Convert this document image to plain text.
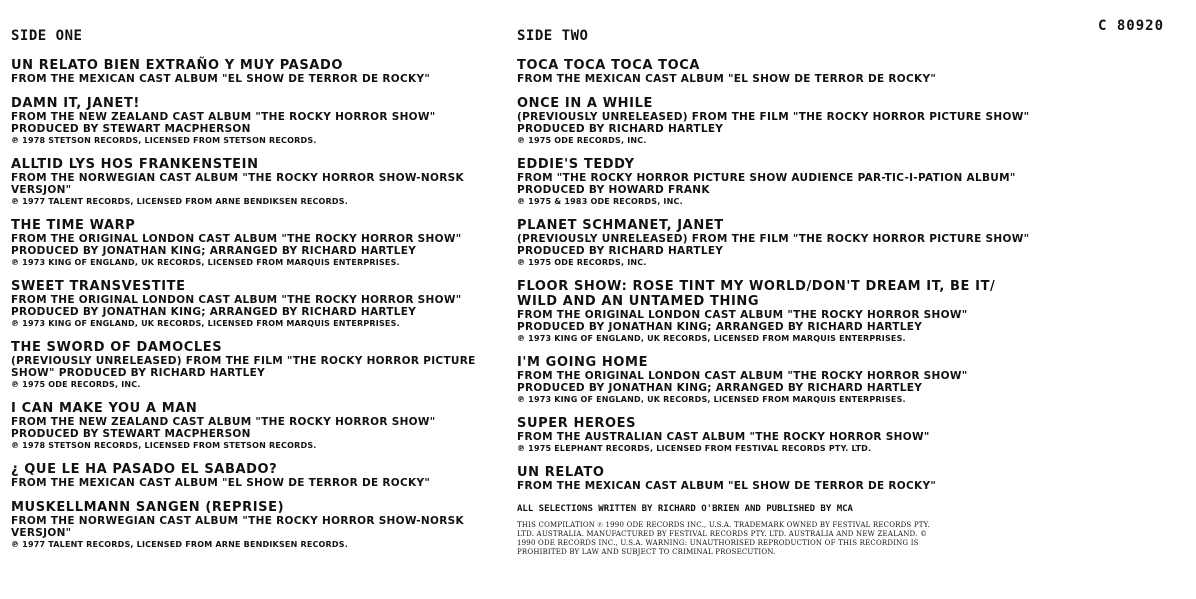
C 80920
SIDE ONE
UN RELATO BIEN EXTRAÑO Y MUY PASADO
FROM THE MEXICAN CAST ALBUM "EL SHOW DE TERROR DE ROCKY"
DAMN IT, JANET!
FROM THE NEW ZEALAND CAST ALBUM "THE ROCKY HORROR SHOW"
PRODUCED BY STEWART MACPHERSON
℗ 1978 STETSON RECORDS, LICENSED FROM STETSON RECORDS.
ALLTID LYS HOS FRANKENSTEIN
FROM THE NORWEGIAN CAST ALBUM "THE ROCKY HORROR SHOW-NORSK VERSJON"
℗ 1977 TALENT RECORDS, LICENSED FROM ARNE BENDIKSEN RECORDS.
THE TIME WARP
FROM THE ORIGINAL LONDON CAST ALBUM "THE ROCKY HORROR SHOW"
PRODUCED BY JONATHAN KING; ARRANGED BY RICHARD HARTLEY
℗ 1973 KING OF ENGLAND, UK RECORDS, LICENSED FROM MARQUIS ENTERPRISES.
SWEET TRANSVESTITE
FROM THE ORIGINAL LONDON CAST ALBUM "THE ROCKY HORROR SHOW"
PRODUCED BY JONATHAN KING; ARRANGED BY RICHARD HARTLEY
℗ 1973 KING OF ENGLAND, UK RECORDS, LICENSED FROM MARQUIS ENTERPRISES.
THE SWORD OF DAMOCLES
(PREVIOUSLY UNRELEASED) FROM THE FILM "THE ROCKY HORROR PICTURE SHOW" PRODUCED BY RICHARD HARTLEY
℗ 1975 ODE RECORDS, INC.
I CAN MAKE YOU A MAN
FROM THE NEW ZEALAND CAST ALBUM "THE ROCKY HORROR SHOW"
PRODUCED BY STEWART MACPHERSON
℗ 1978 STETSON RECORDS, LICENSED FROM STETSON RECORDS.
¿ QUE LE HA PASADO EL SABADO?
FROM THE MEXICAN CAST ALBUM "EL SHOW DE TERROR DE ROCKY"
MUSKELLMANN SANGEN (REPRISE)
FROM THE NORWEGIAN CAST ALBUM "THE ROCKY HORROR SHOW-NORSK VERSJON"
℗ 1977 TALENT RECORDS, LICENSED FROM ARNE BENDIKSEN RECORDS.
SIDE TWO
TOCA TOCA TOCA TOCA
FROM THE MEXICAN CAST ALBUM "EL SHOW DE TERROR DE ROCKY"
ONCE IN A WHILE
(PREVIOUSLY UNRELEASED) FROM THE FILM "THE ROCKY HORROR PICTURE SHOW" PRODUCED BY RICHARD HARTLEY
℗ 1975 ODE RECORDS, INC.
EDDIE'S TEDDY
FROM "THE ROCKY HORROR PICTURE SHOW AUDIENCE PAR-TIC-I-PATION ALBUM" PRODUCED BY HOWARD FRANK
℗ 1975 & 1983 ODE RECORDS, INC.
PLANET SCHMANET, JANET
(PREVIOUSLY UNRELEASED) FROM THE FILM "THE ROCKY HORROR PICTURE SHOW" PRODUCED BY RICHARD HARTLEY
℗ 1975 ODE RECORDS, INC.
FLOOR SHOW: ROSE TINT MY WORLD/DON'T DREAM IT, BE IT/ WILD AND AN UNTAMED THING
FROM THE ORIGINAL LONDON CAST ALBUM "THE ROCKY HORROR SHOW"
PRODUCED BY JONATHAN KING; ARRANGED BY RICHARD HARTLEY
℗ 1973 KING OF ENGLAND, UK RECORDS, LICENSED FROM MARQUIS ENTERPRISES.
I'M GOING HOME
FROM THE ORIGINAL LONDON CAST ALBUM "THE ROCKY HORROR SHOW"
PRODUCED BY JONATHAN KING; ARRANGED BY RICHARD HARTLEY
℗ 1973 KING OF ENGLAND, UK RECORDS, LICENSED FROM MARQUIS ENTERPRISES.
SUPER HEROES
FROM THE AUSTRALIAN CAST ALBUM "THE ROCKY HORROR SHOW"
℗ 1975 ELEPHANT RECORDS, LICENSED FROM FESTIVAL RECORDS PTY. LTD.
UN RELATO
FROM THE MEXICAN CAST ALBUM "EL SHOW DE TERROR DE ROCKY"
ALL SELECTIONS WRITTEN BY RICHARD O'BRIEN AND PUBLISHED BY MCA
THIS COMPILATION ℗ 1990 ODE RECORDS INC., U.S.A. TRADEMARK OWNED BY FESTIVAL RECORDS PTY. LTD. AUSTRALIA. MANUFACTURED BY FESTIVAL RECORDS PTY. LTD. AUSTRALIA AND NEW ZEALAND. © 1990 ODE RECORDS INC., U.S.A. WARNING: UNAUTHORISED REPRODUCTION OF THIS RECORDING IS PROHIBITED BY LAW AND SUBJECT TO CRIMINAL PROSECUTION.
